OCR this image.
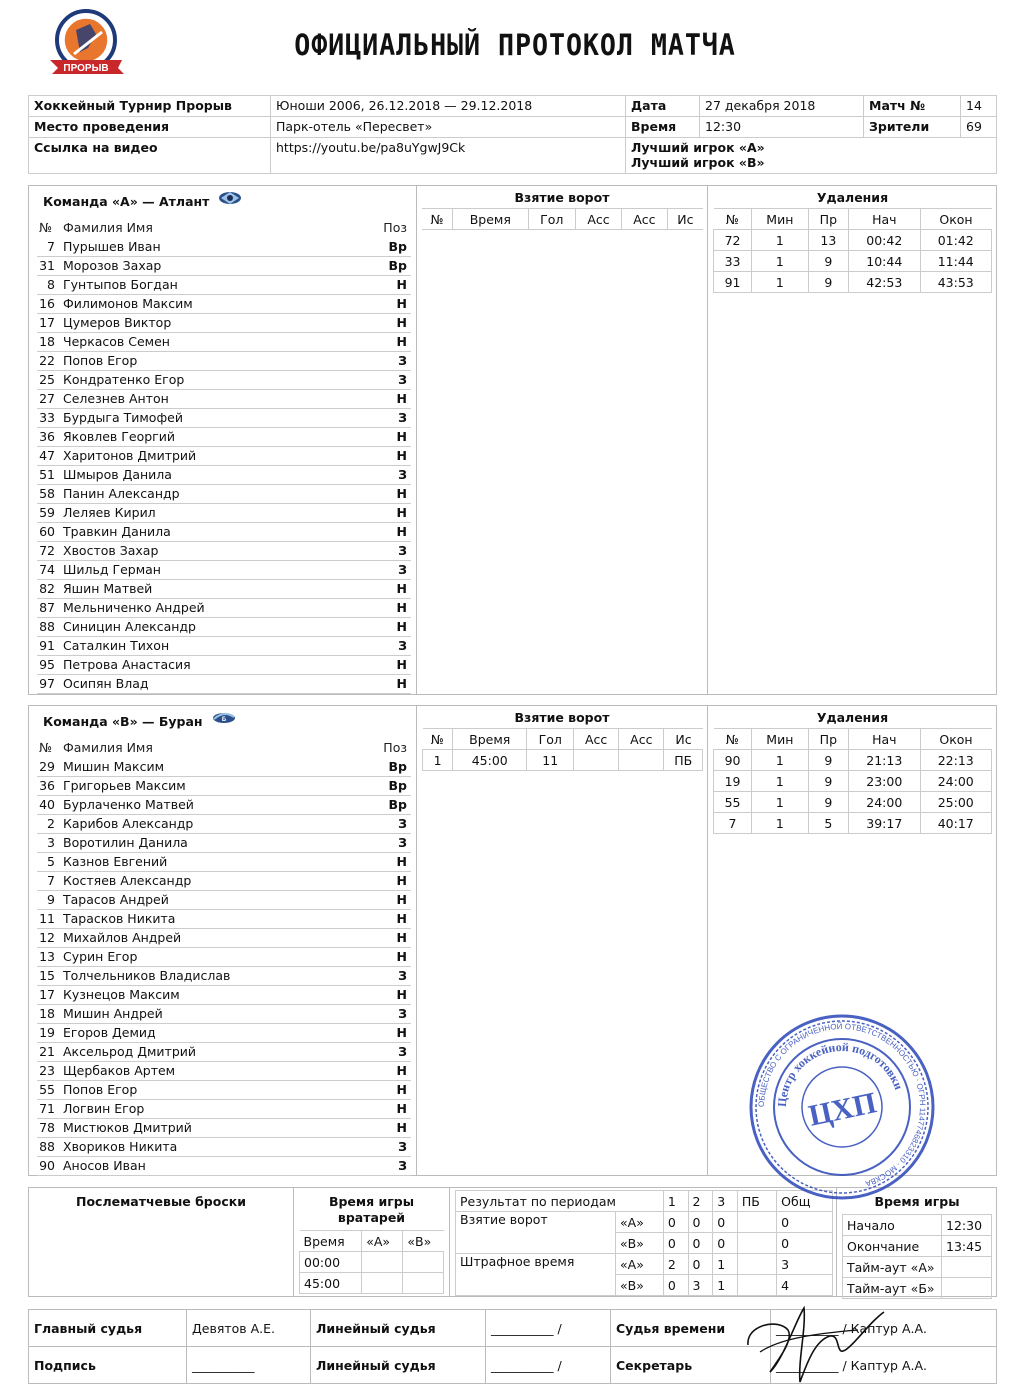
ПРОРЫВ
ОФИЦИАЛЬНЫЙ ПРОТОКОЛ МАТЧА
Хоккейный Турнир Прорыв	Юноши 2006, 26.12.2018 — 29.12.2018	Дата	27 декабря 2018	Матч №	14
Место проведения	Парк-отель «Пересвет»	Время	12:30	Зрители	69
Ссылка на видео	https://youtu.be/pa8uYgwJ9Ck	Лучший игрок «А»
Лучший игрок «В»			
Команда «А» — Атлант
№	Фамилия Имя	Поз
7	Пурышев Иван	Вр
31	Морозов Захар	Вр
8	Гунтыпов Богдан	Н
16	Филимонов Максим	Н
17	Цумеров Виктор	Н
18	Черкасов Семен	Н
22	Попов Егор	З
25	Кондратенко Егор	З
27	Селезнев Антон	Н
33	Бурдыга Тимофей	З
36	Яковлев Георгий	Н
47	Харитонов Дмитрий	Н
51	Шмыров Данила	З
58	Панин Александр	Н
59	Леляев Кирил	Н
60	Травкин Данила	Н
72	Хвостов Захар	З
74	Шильд Герман	З
82	Яшин Матвей	Н
87	Мельниченко Андрей	Н
88	Синицин Александр	Н
91	Саталкин Тихон	З
95	Петрова Анастасия	Н
97	Осипян Влад	Н
Взятие ворот
№	Время	Гол	Асс	Асс	Ис
Удаления
№	Мин	Пр	Нач	Окон
72	1	13	00:42	01:42
33	1	9	10:44	11:44
91	1	9	42:53	43:53
Команда «В» — Буран	Б
№	Фамилия Имя	Поз
29	Мишин Максим	Вр
36	Григорьев Максим	Вр
40	Бурлаченко Матвей	Вр
2	Карибов Александр	З
3	Воротилин Данила	З
5	Казнов Евгений	Н
7	Костяев Александр	Н
9	Тарасов Андрей	Н
11	Тарасков Никита	Н
12	Михайлов Андрей	Н
13	Сурин Егор	Н
15	Толчельников Владислав	З
17	Кузнецов Максим	Н
18	Мишин Андрей	З
19	Егоров Демид	Н
21	Аксельрод Дмитрий	З
23	Щербаков Артем	Н
55	Попов Егор	Н
71	Логвин Егор	Н
78	Мистюков Дмитрий	Н
88	Хвориков Никита	З
90	Аносов Иван	З
Взятие ворот
№	Время	Гол	Асс	Асс	Ис
1	45:00	11			ПБ
Удаления
№	Мин	Пр	Нач	Окон
90	1	9	21:13	22:13
19	1	9	23:00	24:00
55	1	9	24:00	25:00
7	1	5	39:17	40:17
Послематчевые броски	Время игры вратарей
Время	«А»	«В»
00:00		
45:00		
Результат по периодам		1	2	3	ПБ	Общ
Взятие ворот	«А»	0	0	0		0
	«В»	0	0	0		0
Штрафное время	«А»	2	0	1		3
	«В»	0	3	1		4
Время игры
Начало	12:30
Окончание	13:45
Тайм-аут «А»	
Тайм-аут «Б»	
Главный судья	Девятов А.Е.	Линейный судья	__________ /	Судья времени	__________ / Каптур А.А.
Подпись	__________	Линейный судья	__________ /	Секретарь	__________ / Каптур А.А.
ОБЩЕСТВО С ОГРАНИЧЕННОЙ ОТВЕТСТВЕННОСТЬЮ · ОГРН 1147746823310 · МОСКВА
Центр хоккейной подготовки
ЦХП
